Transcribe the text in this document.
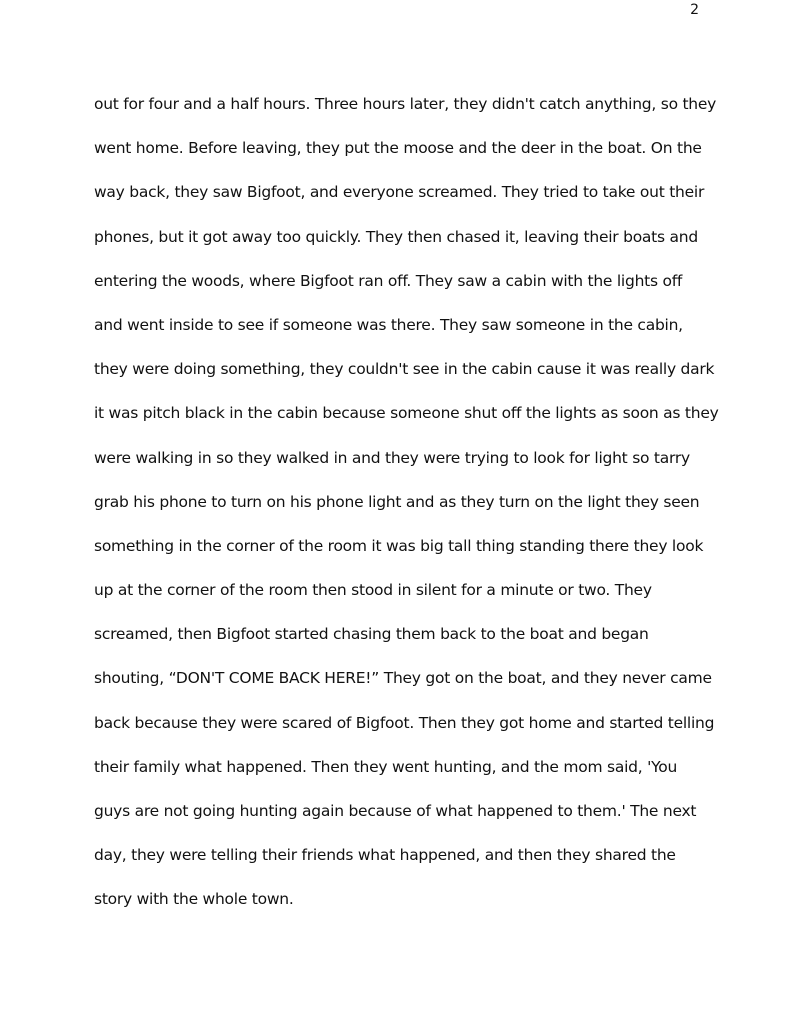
2
out for four and a half hours. Three hours later, they didn't catch anything, so they
went home. Before leaving, they put the moose and the deer in the boat. On the
way back, they saw Bigfoot, and everyone screamed. They tried to take out their
phones, but it got away too quickly. They then chased it, leaving their boats and
entering the woods, where Bigfoot ran off. They saw a cabin with the lights off
and went inside to see if someone was there. They saw someone in the cabin,
they were doing something, they couldn't see in the cabin cause it was really dark
it was pitch black in the cabin because someone shut off the lights as soon as they
were walking in so they walked in and they were trying to look for light so tarry
grab his phone to turn on his phone light and as they turn on the light they seen
something in the corner of the room it was big tall thing standing there they look
up at the corner of the room then stood in silent for a minute or two. They
screamed, then Bigfoot started chasing them back to the boat and began
shouting, “DON'T COME BACK HERE!” They got on the boat, and they never came
back because they were scared of Bigfoot. Then they got home and started telling
their family what happened. Then they went hunting, and the mom said, 'You
guys are not going hunting again because of what happened to them.' The next
day, they were telling their friends what happened, and then they shared the
story with the whole town.
